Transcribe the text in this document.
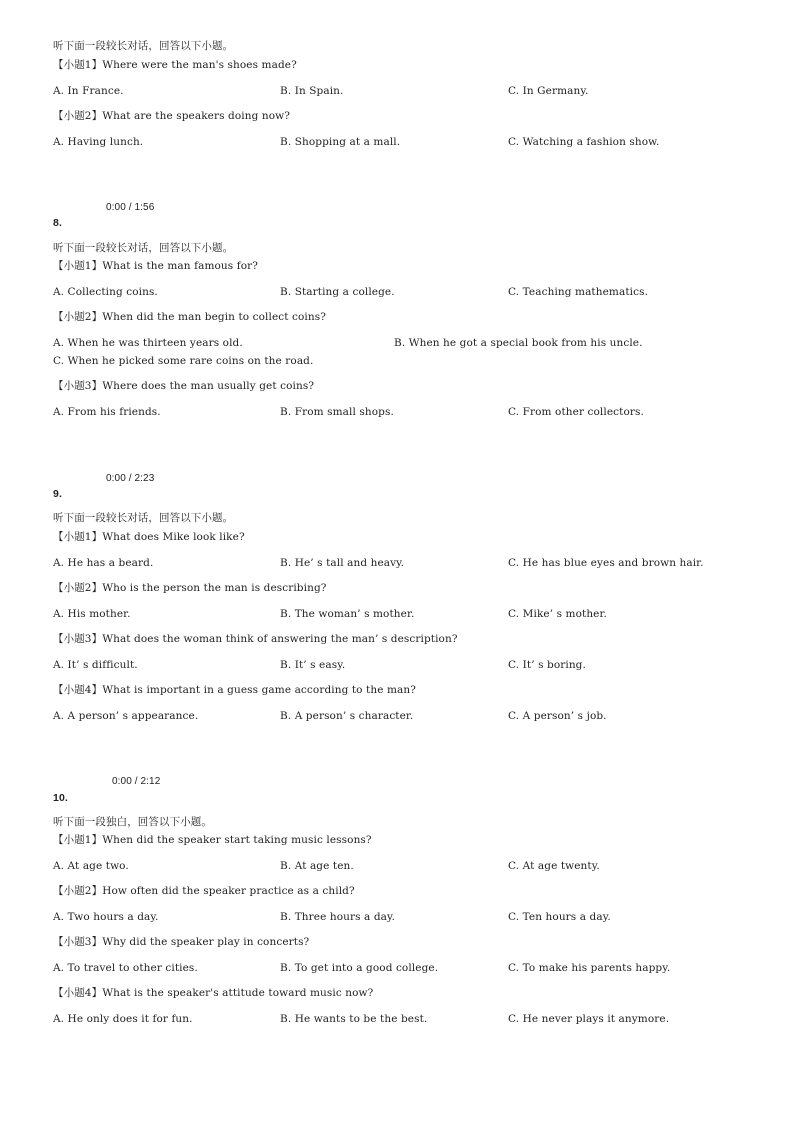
听下面一段较长对话，回答以下小题。
【小题1】Where were the man's shoes made?
A. In France.	B. In Spain.	C. In Germany.
【小题2】What are the speakers doing now?
A. Having lunch.	B. Shopping at a mall.	C. Watching a fashion show.
0:00 / 1:56
8.
听下面一段较长对话，回答以下小题。
【小题1】What is the man famous for?
A. Collecting coins.	B. Starting a college.	C. Teaching mathematics.
【小题2】When did the man begin to collect coins?
A. When he was thirteen years old.	B. When he got a special book from his uncle.
C. When he picked some rare coins on the road.
【小题3】Where does the man usually get coins?
A. From his friends.	B. From small shops.	C. From other collectors.
0:00 / 2:23
9.
听下面一段较长对话，回答以下小题。
【小题1】What does Mike look like?
A. He has a beard.	B. He’ s tall and heavy.	C. He has blue eyes and brown hair.
【小题2】Who is the person the man is describing?
A. His mother.	B. The woman’ s mother.	C. Mike’ s mother.
【小题3】What does the woman think of answering the man’ s description?
A. It’ s difficult.	B. It’ s easy.	C. It’ s boring.
【小题4】What is important in a guess game according to the man?
A. A person’ s appearance.	B. A person’ s character.	C. A person’ s job.
0:00 / 2:12
10.
听下面一段独白，回答以下小题。
【小题1】When did the speaker start taking music lessons?
A. At age two.	B. At age ten.	C. At age twenty.
【小题2】How often did the speaker practice as a child?
A. Two hours a day.	B. Three hours a day.	C. Ten hours a day.
【小题3】Why did the speaker play in concerts?
A. To travel to other cities.	B. To get into a good college.	C. To make his parents happy.
【小题4】What is the speaker's attitude toward music now?
A. He only does it for fun.	B. He wants to be the best.	C. He never plays it anymore.
